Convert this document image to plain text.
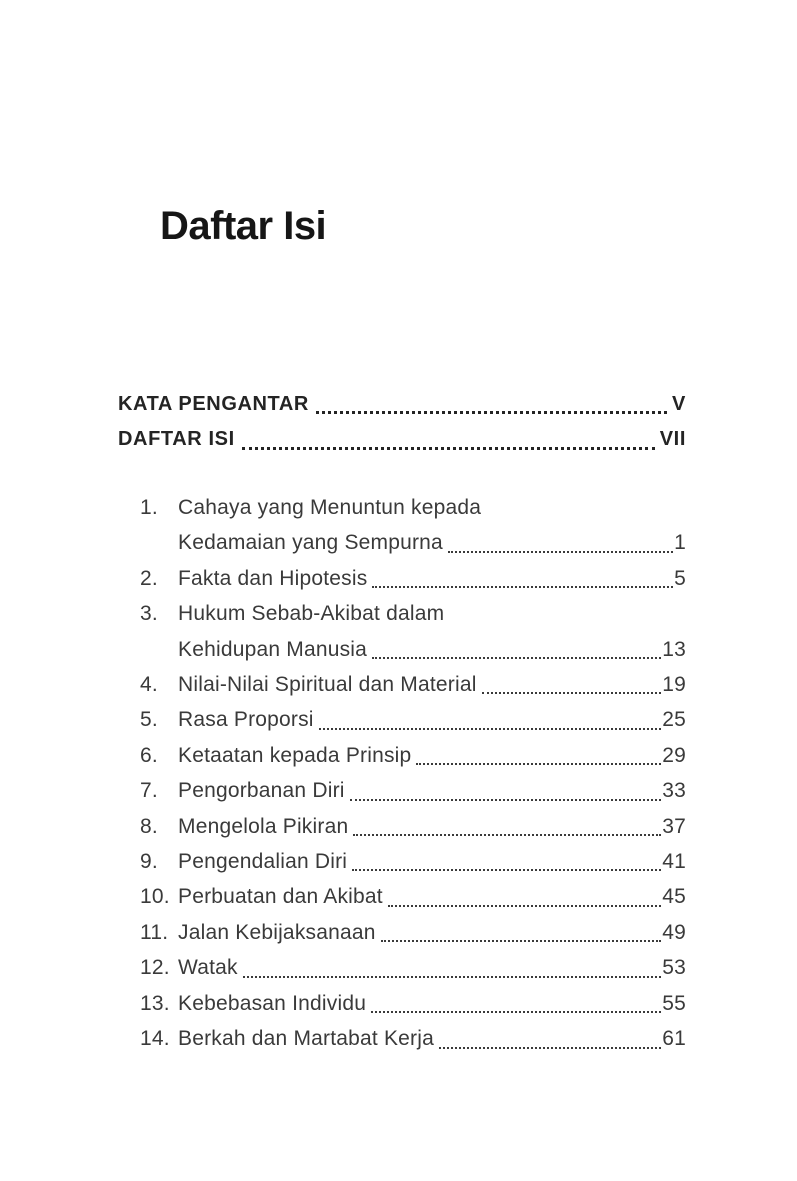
Daftar Isi
KATA PENGANTAR	V
DAFTAR ISI	VII
1. Cahaya yang Menuntun kepada
Kedamaian yang Sempurna	1
2. Fakta dan Hipotesis	5
3. Hukum Sebab-Akibat dalam
Kehidupan Manusia	13
4. Nilai-Nilai Spiritual dan Material	19
5. Rasa Proporsi	25
6. Ketaatan kepada Prinsip	29
7. Pengorbanan Diri	33
8. Mengelola Pikiran	37
9. Pengendalian Diri	41
10. Perbuatan dan Akibat	45
11. Jalan Kebijaksanaan	49
12. Watak	53
13. Kebebasan Individu	55
14. Berkah dan Martabat Kerja	61
